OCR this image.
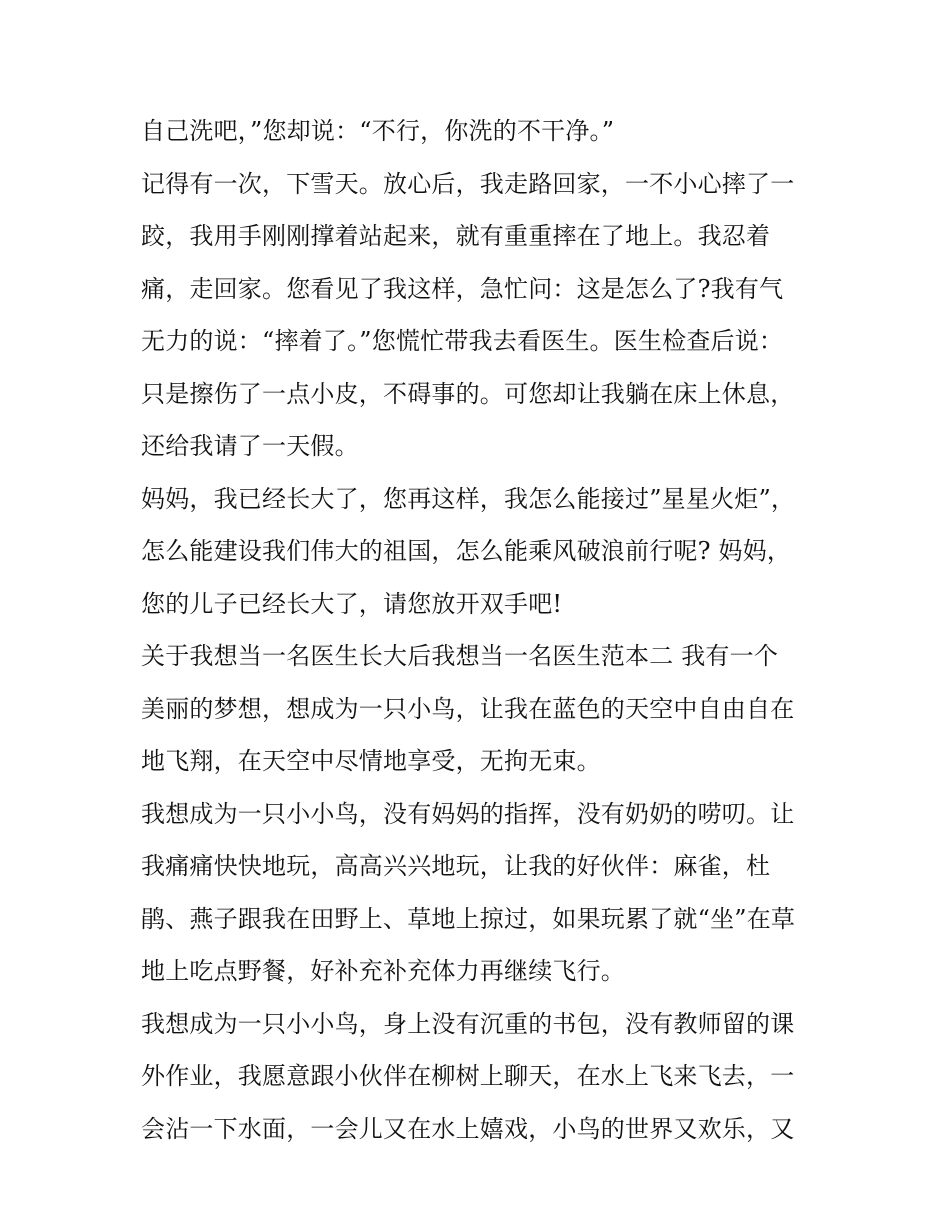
自己洗吧，”您却说：“不行，你洗的不干净。”
记得有一次，下雪天。放心后，我走路回家，一不小心摔了一
跤，我用手刚刚撑着站起来，就有重重摔在了地上。我忍着
痛，走回家。您看见了我这样，急忙问：这是怎么了?我有气
无力的说：“摔着了。”您慌忙带我去看医生。医生检查后说：
只是擦伤了一点小皮，不碍事的。可您却让我躺在床上休息，
还给我请了一天假。
妈妈，我已经长大了，您再这样，我怎么能接过”星星火炬”，
怎么能建设我们伟大的祖国，怎么能乘风破浪前行呢? 妈妈，
您的儿子已经长大了，请您放开双手吧!
关于我想当一名医生长大后我想当一名医生范本二 我有一个
美丽的梦想，想成为一只小鸟，让我在蓝色的天空中自由自在
地飞翔，在天空中尽情地享受，无拘无束。
我想成为一只小小鸟，没有妈妈的指挥，没有奶奶的唠叨。让
我痛痛快快地玩，高高兴兴地玩，让我的好伙伴：麻雀，杜
鹃、燕子跟我在田野上、草地上掠过，如果玩累了就“坐”在草
地上吃点野餐，好补充补充体力再继续飞行。
我想成为一只小小鸟，身上没有沉重的书包，没有教师留的课
外作业，我愿意跟小伙伴在柳树上聊天，在水上飞来飞去，一
会沾一下水面，一会儿又在水上嬉戏，小鸟的世界又欢乐，又
